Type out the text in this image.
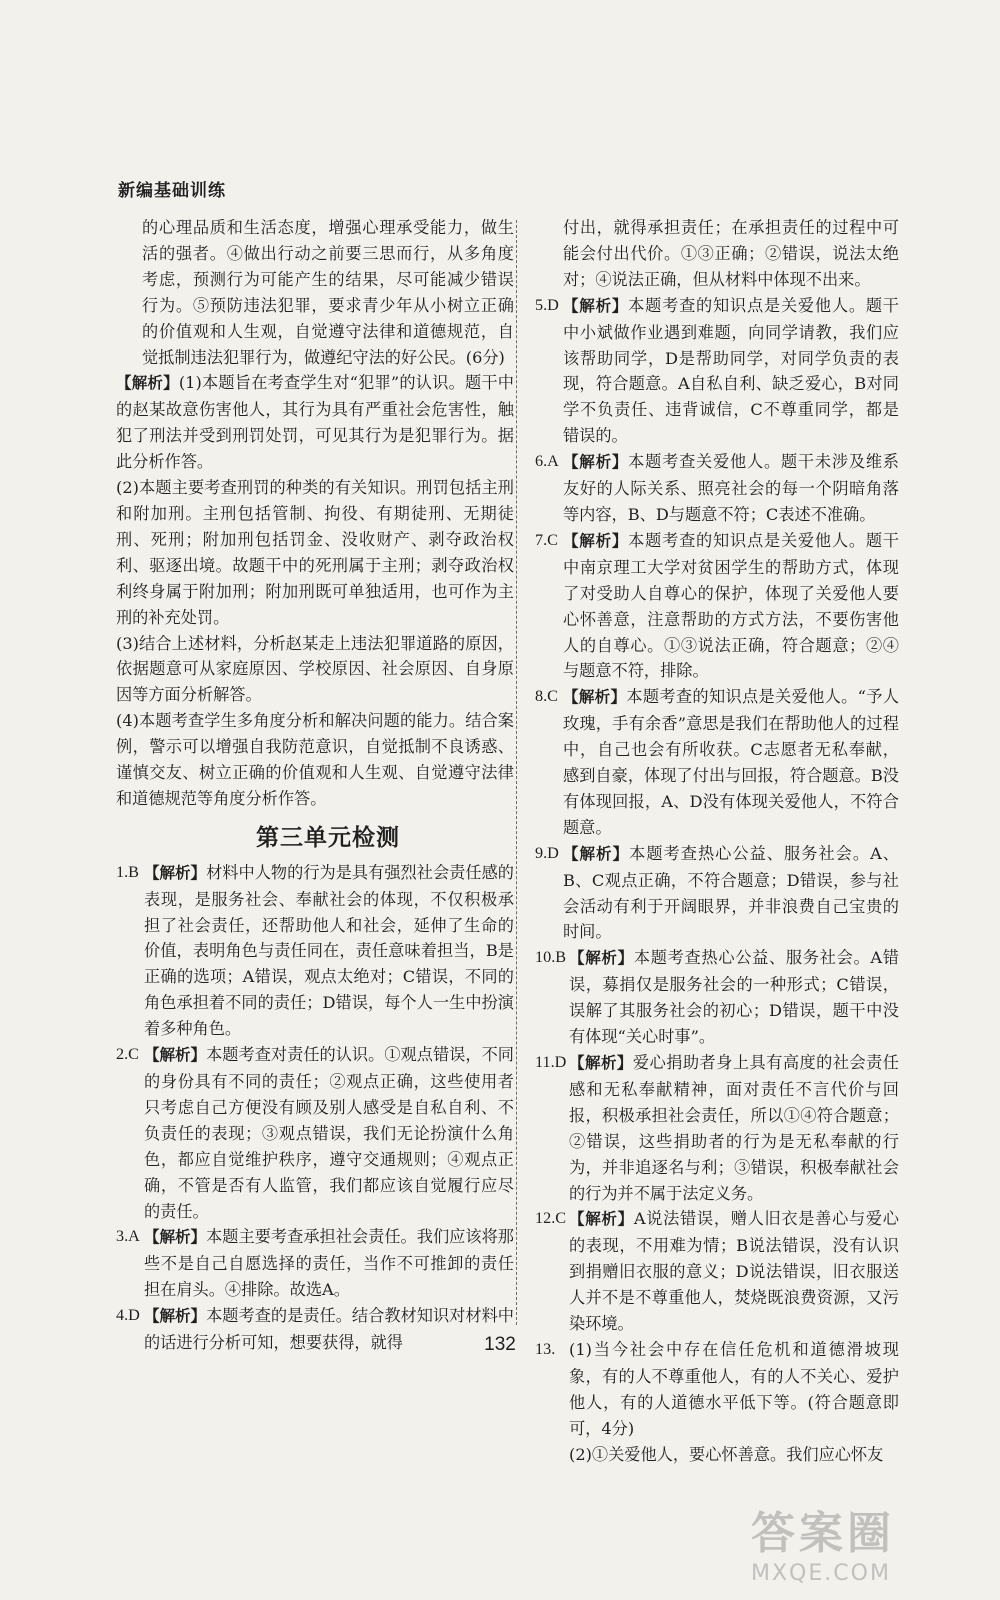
新编基础训练

的心理品质和生活态度，增强心理承受能力，做生活的强者。④做出行动之前要三思而行，从多角度考虑，预测行为可能产生的结果，尽可能减少错误行为。⑤预防违法犯罪，要求青少年从小树立正确的价值观和人生观，自觉遵守法律和道德规范，自觉抵制违法犯罪行为，做遵纪守法的好公民。(6分)

【解析】(1)本题旨在考查学生对“犯罪”的认识。题干中的赵某故意伤害他人，其行为具有严重社会危害性，触犯了刑法并受到刑罚处罚，可见其行为是犯罪行为。据此分析作答。

(2)本题主要考查刑罚的种类的有关知识。刑罚包括主刑和附加刑。主刑包括管制、拘役、有期徒刑、无期徒刑、死刑；附加刑包括罚金、没收财产、剥夺政治权利、驱逐出境。故题干中的死刑属于主刑；剥夺政治权利终身属于附加刑；附加刑既可单独适用，也可作为主刑的补充处罚。

(3)结合上述材料，分析赵某走上违法犯罪道路的原因，依据题意可从家庭原因、学校原因、社会原因、自身原因等方面分析解答。

(4)本题考查学生多角度分析和解决问题的能力。结合案例，警示可以增强自我防范意识，自觉抵制不良诱惑、谨慎交友、树立正确的价值观和人生观、自觉遵守法律和道德规范等角度分析作答。

第三单元检测

1.B 【解析】材料中人物的行为是具有强烈社会责任感的表现，是服务社会、奉献社会的体现，不仅积极承担了社会责任，还帮助他人和社会，延伸了生命的价值，表明角色与责任同在，责任意味着担当，B是正确的选项；A错误，观点太绝对；C错误，不同的角色承担着不同的责任；D错误，每个人一生中扮演着多种角色。

2.C 【解析】本题考查对责任的认识。①观点错误，不同的身份具有不同的责任；②观点正确，这些使用者只考虑自己方便没有顾及别人感受是自私自利、不负责任的表现；③观点错误，我们无论扮演什么角色，都应自觉维护秩序，遵守交通规则；④观点正确，不管是否有人监管，我们都应该自觉履行应尽的责任。

3.A 【解析】本题主要考查承担社会责任。我们应该将那些不是自己自愿选择的责任，当作不可推卸的责任担在肩头。④排除。故选A。

4.D 【解析】本题考查的是责任。结合教材知识对材料中的话进行分析可知，想要获得，就得

付出，就得承担责任；在承担责任的过程中可能会付出代价。①③正确；②错误，说法太绝对；④说法正确，但从材料中体现不出来。

5.D 【解析】本题考查的知识点是关爱他人。题干中小斌做作业遇到难题，向同学请教，我们应该帮助同学，D是帮助同学，对同学负责的表现，符合题意。A自私自利、缺乏爱心，B对同学不负责任、违背诚信，C不尊重同学，都是错误的。

6.A 【解析】本题考查关爱他人。题干未涉及维系友好的人际关系、照亮社会的每一个阴暗角落等内容，B、D与题意不符；C表述不准确。

7.C 【解析】本题考查的知识点是关爱他人。题干中南京理工大学对贫困学生的帮助方式，体现了对受助人自尊心的保护，体现了关爱他人要心怀善意，注意帮助的方式方法，不要伤害他人的自尊心。①③说法正确，符合题意；②④与题意不符，排除。

8.C 【解析】本题考查的知识点是关爱他人。“予人玫瑰，手有余香”意思是我们在帮助他人的过程中，自己也会有所收获。C志愿者无私奉献，感到自豪，体现了付出与回报，符合题意。B没有体现回报，A、D没有体现关爱他人，不符合题意。

9.D 【解析】本题考查热心公益、服务社会。A、B、C观点正确，不符合题意；D错误，参与社会活动有利于开阔眼界，并非浪费自己宝贵的时间。

10.B 【解析】本题考查热心公益、服务社会。A错误，募捐仅是服务社会的一种形式；C错误，误解了其服务社会的初心；D错误，题干中没有体现“关心时事”。

11.D 【解析】爱心捐助者身上具有高度的社会责任感和无私奉献精神，面对责任不言代价与回报，积极承担社会责任，所以①④符合题意；②错误，这些捐助者的行为是无私奉献的行为，并非追逐名与利；③错误，积极奉献社会的行为并不属于法定义务。

12.C 【解析】A说法错误，赠人旧衣是善心与爱心的表现，不用难为情；B说法错误，没有认识到捐赠旧衣服的意义；D说法错误，旧衣服送人并不是不尊重他人，焚烧既浪费资源，又污染环境。

13. (1)当今社会中存在信任危机和道德滑坡现象，有的人不尊重他人，有的人不关心、爱护他人，有的人道德水平低下等。(符合题意即可，4分)

(2)①关爱他人，要心怀善意。我们应心怀友

132
答案圈
MXQE.COM
